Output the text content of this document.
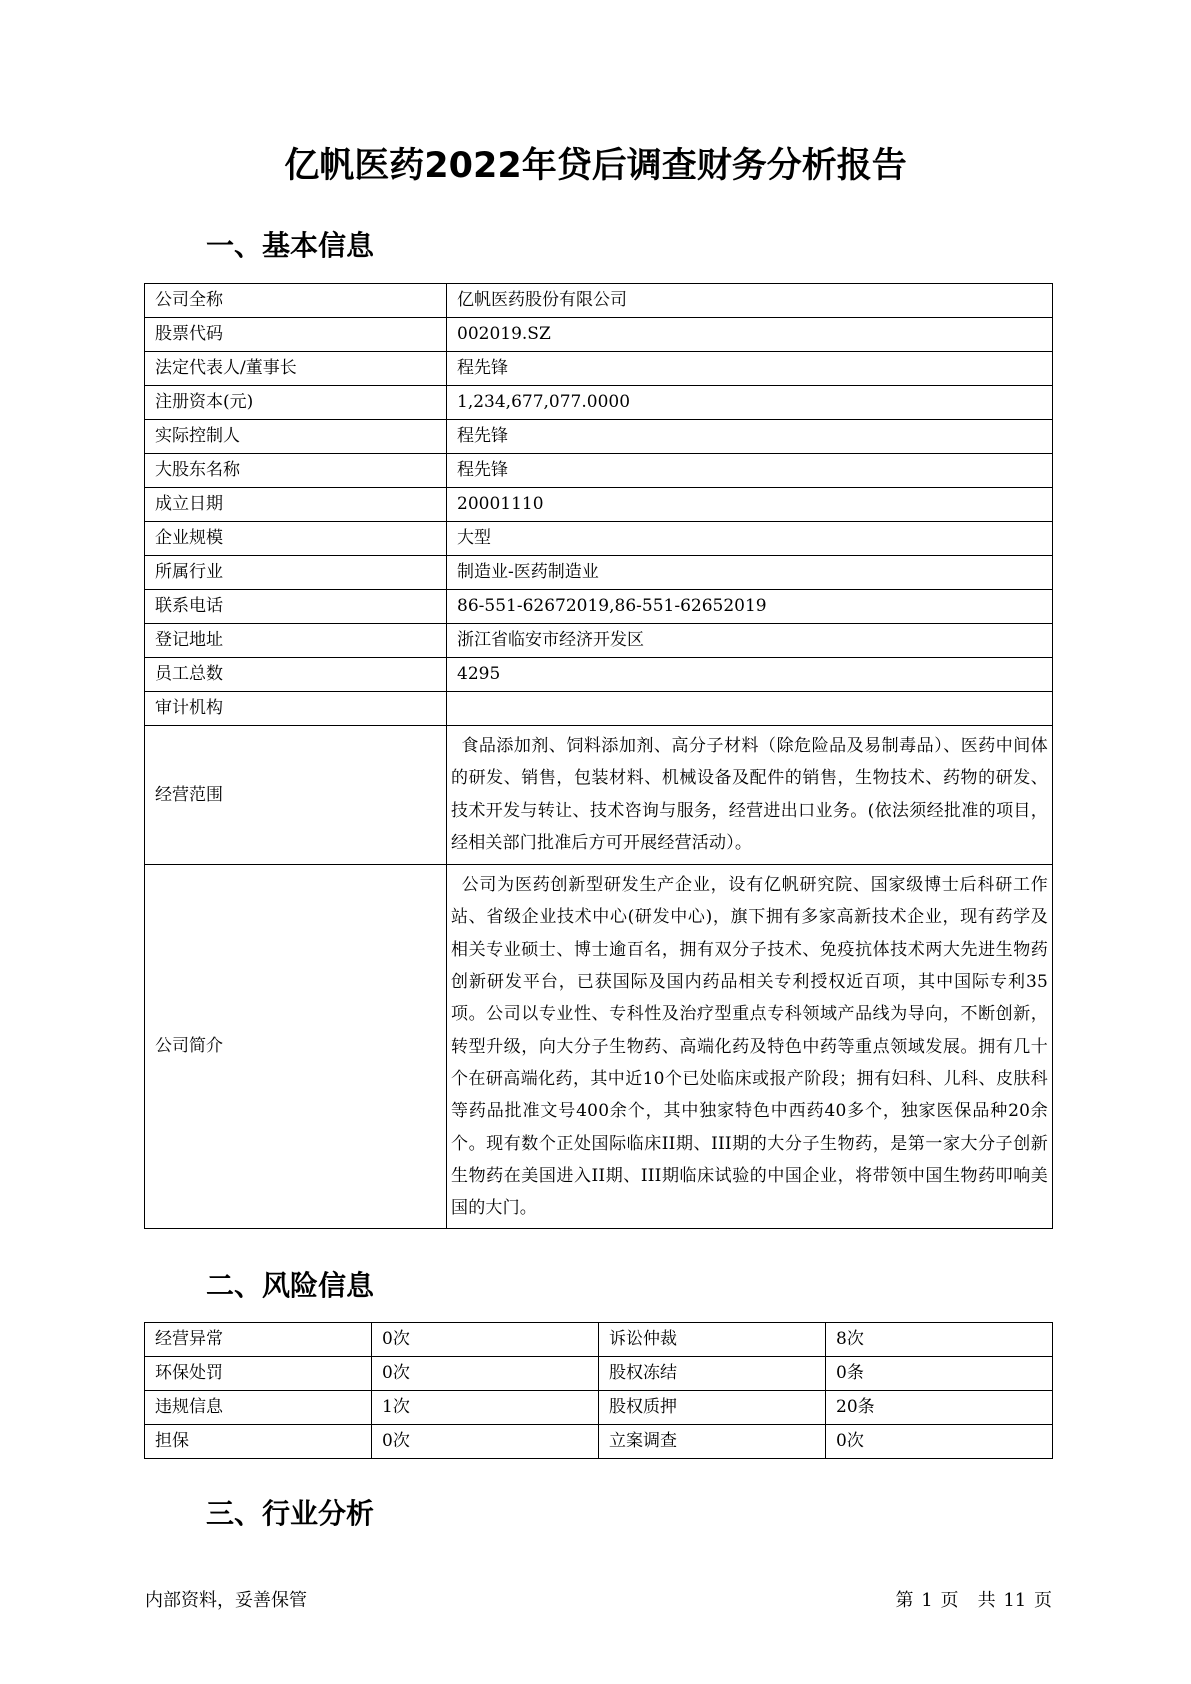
亿帆医药2022年贷后调查财务分析报告
一、基本信息
公司全称	亿帆医药股份有限公司
股票代码	002019.SZ
法定代表人/董事长	程先锋
注册资本(元)	1,234,677,077.0000
实际控制人	程先锋
大股东名称	程先锋
成立日期	20001110
企业规模	大型
所属行业	制造业-医药制造业
联系电话	86-551-62672019,86-551-62652019
登记地址	浙江省临安市经济开发区
员工总数	4295
审计机构	
经营范围	食品添加剂、饲料添加剂、高分子材料（除危险品及易制毒品）、医药中间体的研发、销售，包装材料、机械设备及配件的销售，生物技术、药物的研发、技术开发与转让、技术咨询与服务，经营进出口业务。(依法须经批准的项目，经相关部门批准后方可开展经营活动）。
公司简介	公司为医药创新型研发生产企业，设有亿帆研究院、国家级博士后科研工作站、省级企业技术中心(研发中心)，旗下拥有多家高新技术企业，现有药学及相关专业硕士、博士逾百名，拥有双分子技术、免疫抗体技术两大先进生物药创新研发平台，已获国际及国内药品相关专利授权近百项，其中国际专利35项。公司以专业性、专科性及治疗型重点专科领域产品线为导向，不断创新，转型升级，向大分子生物药、高端化药及特色中药等重点领域发展。拥有几十个在研高端化药，其中近10个已处临床或报产阶段；拥有妇科、儿科、皮肤科等药品批准文号400余个，其中独家特色中西药40多个，独家医保品种20余个。现有数个正处国际临床II期、III期的大分子生物药，是第一家大分子创新生物药在美国进入II期、III期临床试验的中国企业，将带领中国生物药叩响美国的大门。
二、风险信息
经营异常	0次	诉讼仲裁	8次
环保处罚	0次	股权冻结	0条
违规信息	1次	股权质押	20条
担保	0次	立案调查	0次
三、行业分析
内部资料，妥善保管	第 1 页 共 11 页
